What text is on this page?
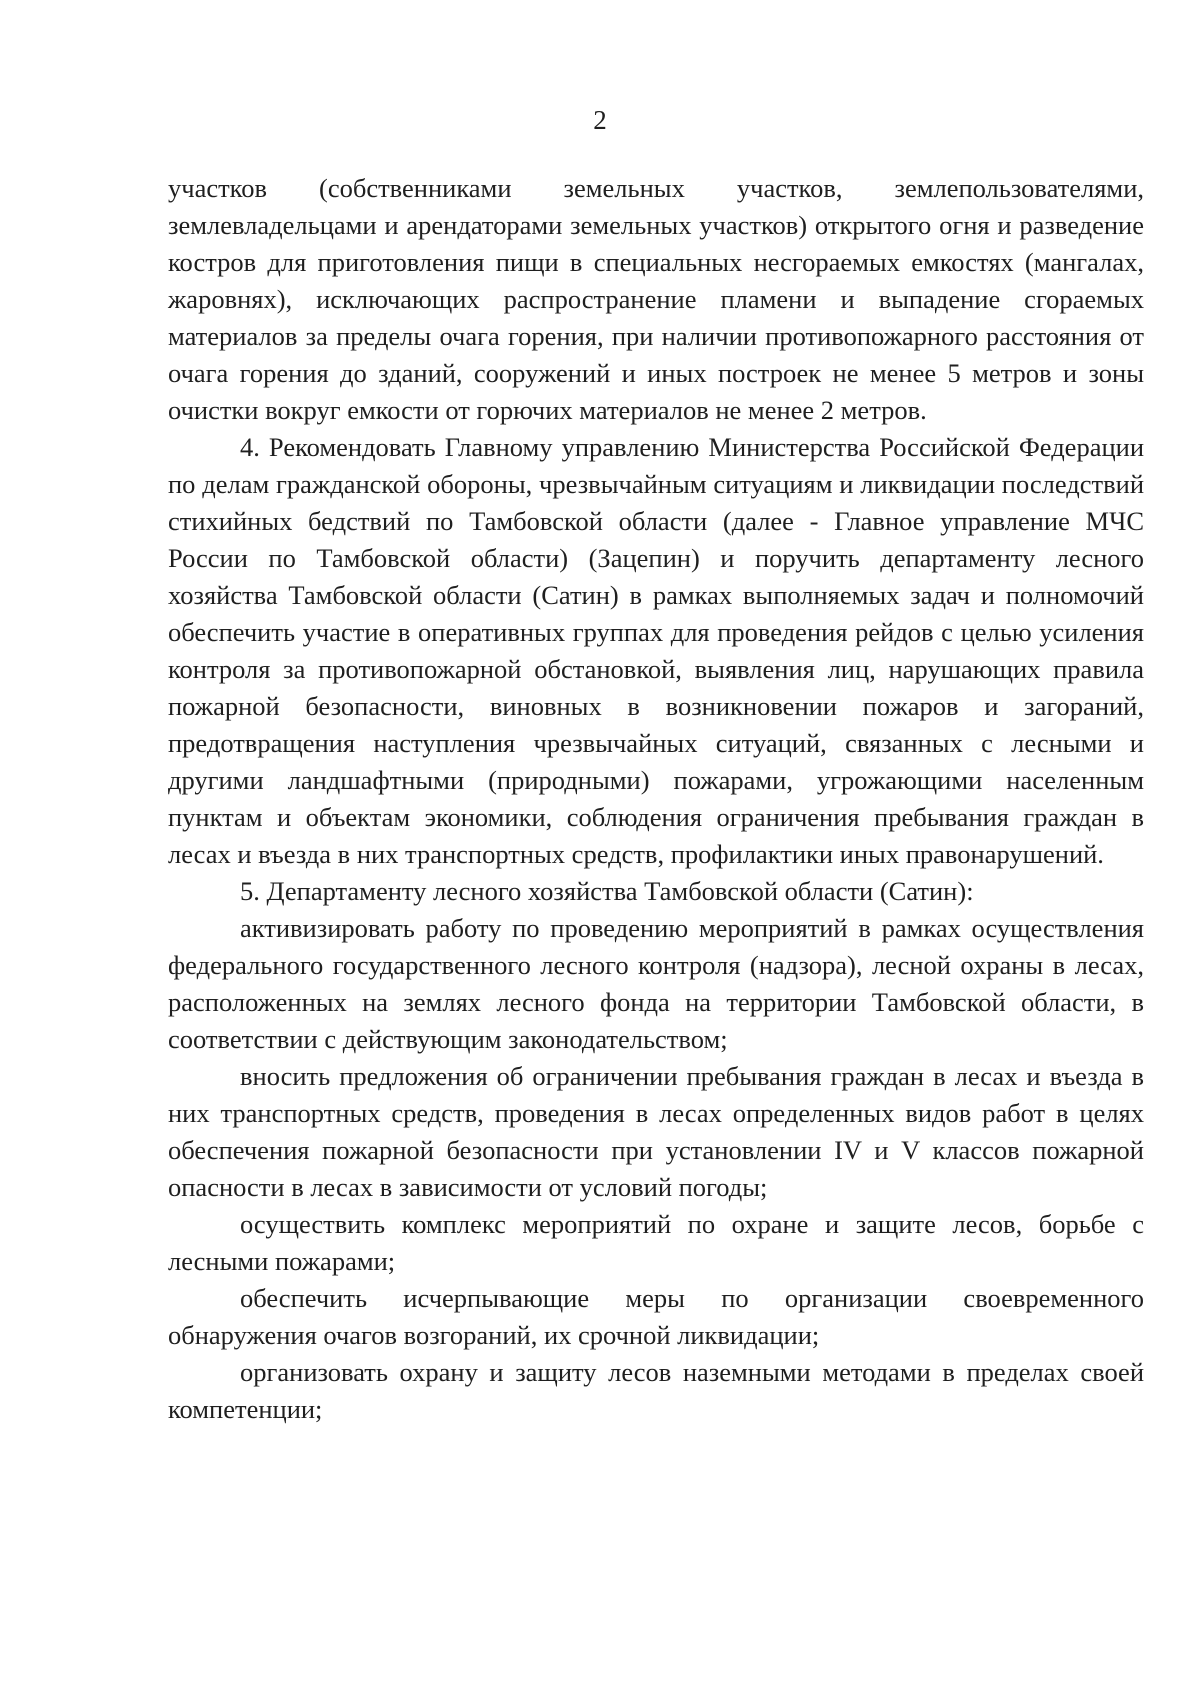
2

участков (собственниками земельных участков, землепользователями, землевладельцами и арендаторами земельных участков) открытого огня и разведение костров для приготовления пищи в специальных несгораемых емкостях (мангалах, жаровнях), исключающих распространение пламени и выпадение сгораемых материалов за пределы очага горения, при наличии противопожарного расстояния от очага горения до зданий, сооружений и иных построек не менее 5 метров и зоны очистки вокруг емкости от горючих материалов не менее 2 метров.

4. Рекомендовать Главному управлению Министерства Российской Федерации по делам гражданской обороны, чрезвычайным ситуациям и ликвидации последствий стихийных бедствий по Тамбовской области (далее - Главное управление МЧС России по Тамбовской области) (Зацепин) и поручить департаменту лесного хозяйства Тамбовской области (Сатин) в рамках выполняемых задач и полномочий обеспечить участие в оперативных группах для проведения рейдов с целью усиления контроля за противопожарной обстановкой, выявления лиц, нарушающих правила пожарной безопасности, виновных в возникновении пожаров и загораний, предотвращения наступления чрезвычайных ситуаций, связанных с лесными и другими ландшафтными (природными) пожарами, угрожающими населенным пунктам и объектам экономики, соблюдения ограничения пребывания граждан в лесах и въезда в них транспортных средств, профилактики иных правонарушений.

5. Департаменту лесного хозяйства Тамбовской области (Сатин):

активизировать работу по проведению мероприятий в рамках осуществления федерального государственного лесного контроля (надзора), лесной охраны в лесах, расположенных на землях лесного фонда на территории Тамбовской области, в соответствии с действующим законодательством;

вносить предложения об ограничении пребывания граждан в лесах и въезда в них транспортных средств, проведения в лесах определенных видов работ в целях обеспечения пожарной безопасности при установлении IV и V классов пожарной опасности в лесах в зависимости от условий погоды;

осуществить комплекс мероприятий по охране и защите лесов, борьбе с лесными пожарами;

обеспечить исчерпывающие меры по организации своевременного обнаружения очагов возгораний, их срочной ликвидации;

организовать охрану и защиту лесов наземными методами в пределах своей компетенции;
